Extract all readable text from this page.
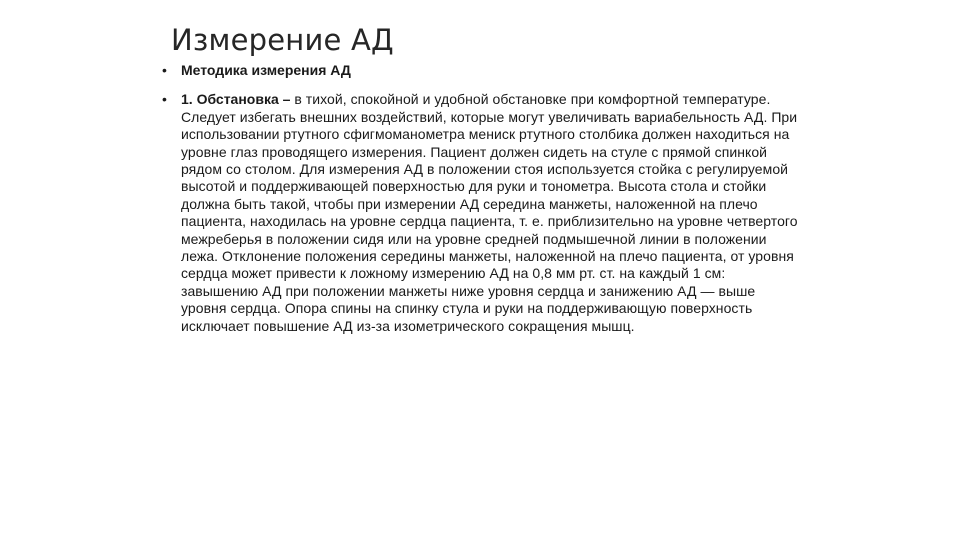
Измерение АД
• Методика измерения АД
• 1. Обстановка – в тихой, спокойной и удобной обстановке при комфортной температуре. Следует избегать внешних воздействий, которые могут увеличивать вариабельность АД. При использовании ртутного сфигмоманометра мениск ртутного столбика должен находиться на уровне глаз проводящего измерения. Пациент должен сидеть на стуле с прямой спинкой рядом со столом. Для измерения АД в положении стоя используется стойка с регулируемой высотой и поддерживающей поверхностью для руки и тонометра. Высота стола и стойки должна быть такой, чтобы при измерении АД середина манжеты, наложенной на плечо пациента, находилась на уровне сердца пациента, т. е. приблизительно на уровне четвертого межреберья в положении сидя или на уровне средней подмышечной линии в положении лежа. Отклонение положения середины манжеты, наложенной на плечо пациента, от уровня сердца может привести к ложному измерению АД на 0,8 мм рт. ст. на каждый 1 см: завышению АД при положении манжеты ниже уровня сердца и занижению АД — выше уровня сердца. Опора спины на спинку стула и руки на поддерживающую поверхность исключает повышение АД из-за изометрического сокращения мышц.
